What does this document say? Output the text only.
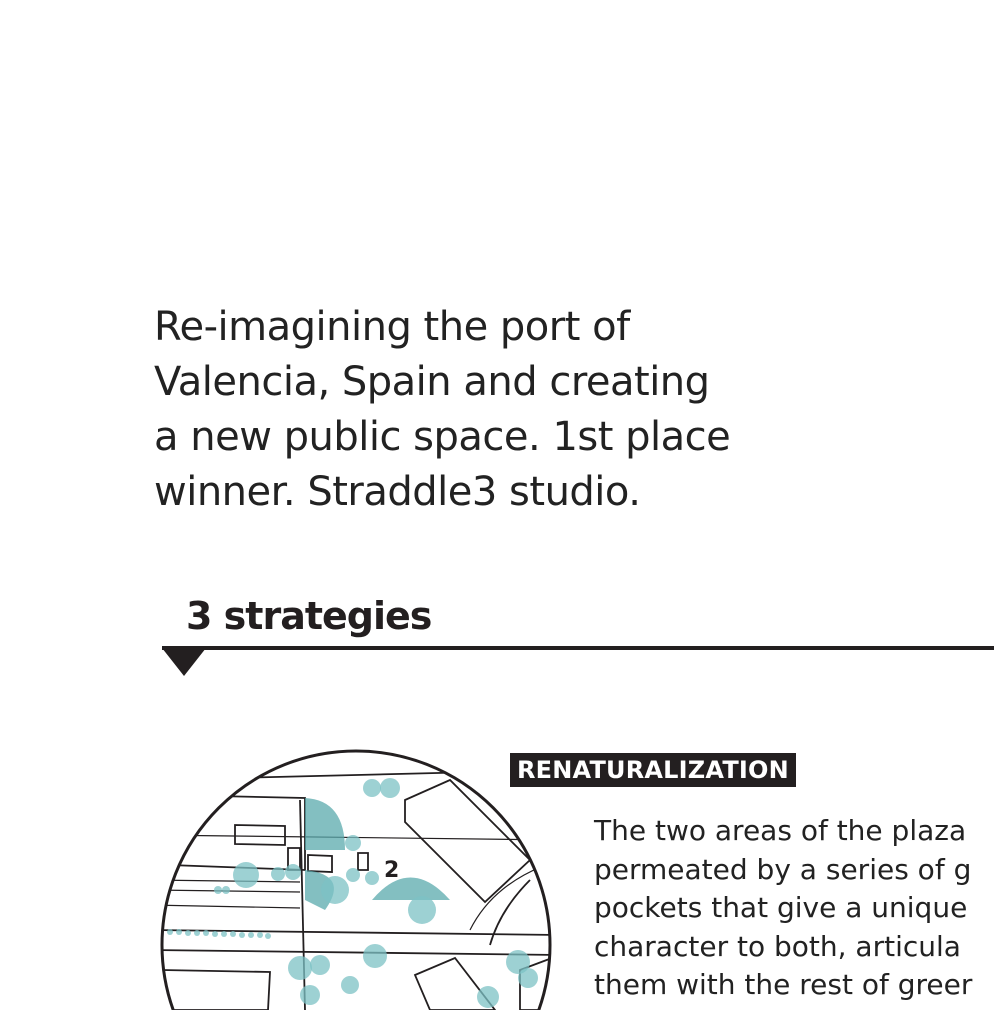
Re-imagining the port of
Valencia, Spain and creating
a new public space. 1st place
winner. Straddle3 studio.

3 strategies
2
RENATURALIZATION

The two areas of the plaza
permeated by a series of g
pockets that give a unique
character to both, articula
them with the rest of greer
